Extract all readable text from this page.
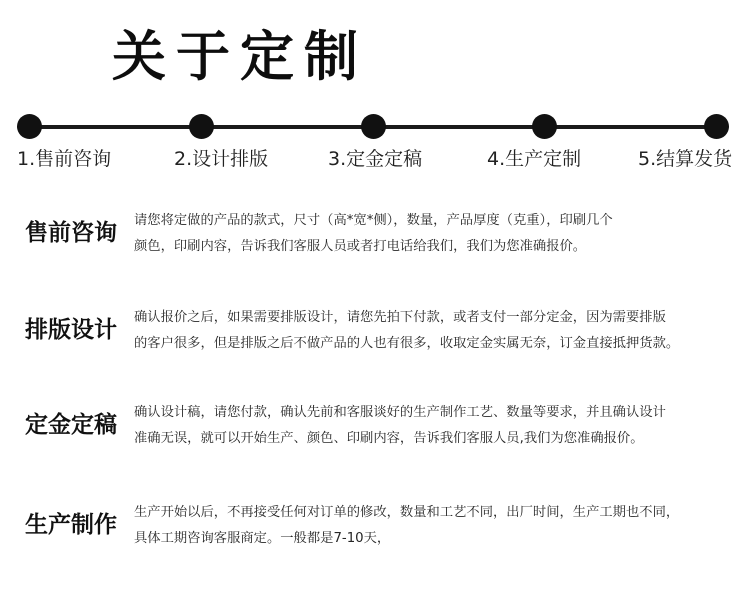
关于定制
1.售前咨询	2.设计排版	3.定金定稿	4.生产定制	5.结算发货
售前咨询 请您将定做的产品的款式，尺寸（高*宽*侧），数量，产品厚度（克重），印刷几个

颜色，印刷内容，告诉我们客服人员或者打电话给我们，我们为您准确报价。

排版设计 确认报价之后，如果需要排版设计，请您先拍下付款，或者支付一部分定金，因为需要排版

的客户很多，但是排版之后不做产品的人也有很多，收取定金实属无奈，订金直接抵押货款。

定金定稿 确认设计稿，请您付款，确认先前和客服谈好的生产制作工艺、数量等要求，并且确认设计

准确无误，就可以开始生产、颜色、印刷内容，告诉我们客服人员,我们为您准确报价。

生产制作 生产开始以后，不再接受任何对订单的修改，数量和工艺不同，出厂时间，生产工期也不同，

具体工期咨询客服商定。一般都是7-10天，
